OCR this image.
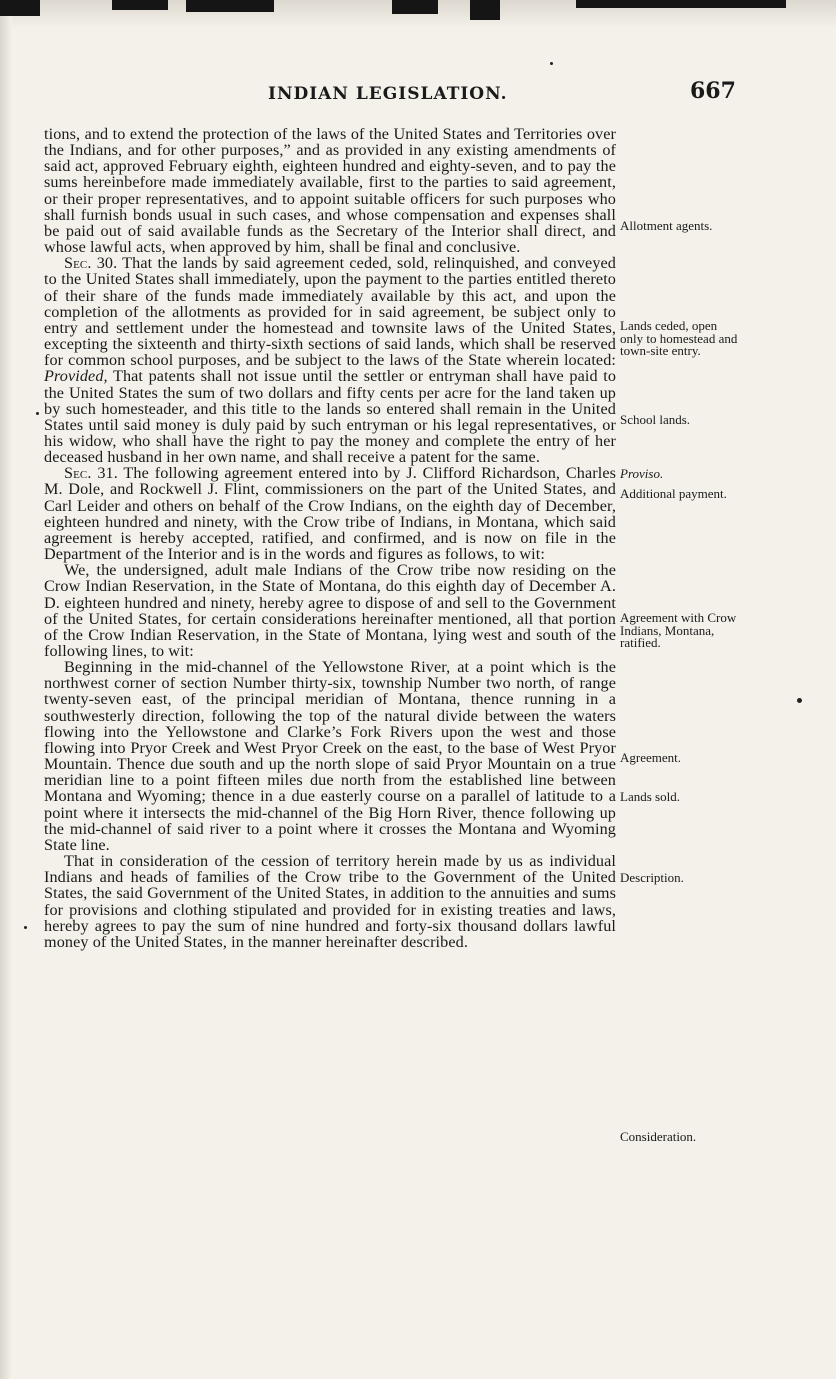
INDIAN LEGISLATION.	667

tions, and to extend the protection of the laws of the United States and Territories over the Indians, and for other purposes,” and as provided in any existing amendments of said act, approved February eighth, eighteen hundred and eighty-seven, and to pay the sums hereinbefore made immediately available, first to the parties to said agreement, or their proper representatives, and to appoint suitable officers for such purposes who shall furnish bonds usual in such cases, and whose compensation and expenses shall be paid out of said available funds as the Secretary of the Interior shall direct, and whose lawful acts, when approved by him, shall be final and conclusive.

Sec. 30. That the lands by said agreement ceded, sold, relinquished, and conveyed to the United States shall immediately, upon the payment to the parties entitled thereto of their share of the funds made immediately available by this act, and upon the completion of the allotments as provided for in said agreement, be subject only to entry and settlement under the homestead and townsite laws of the United States, excepting the sixteenth and thirty-sixth sections of said lands, which shall be reserved for common school purposes, and be subject to the laws of the State wherein located: Provided, That patents shall not issue until the settler or entryman shall have paid to the United States the sum of two dollars and fifty cents per acre for the land taken up by such homesteader, and this title to the lands so entered shall remain in the United States until said money is duly paid by such entryman or his legal representatives, or his widow, who shall have the right to pay the money and complete the entry of her deceased husband in her own name, and shall receive a patent for the same.

Sec. 31. The following agreement entered into by J. Clifford Richardson, Charles M. Dole, and Rockwell J. Flint, commissioners on the part of the United States, and Carl Leider and others on behalf of the Crow Indians, on the eighth day of December, eighteen hundred and ninety, with the Crow tribe of Indians, in Montana, which said agreement is hereby accepted, ratified, and confirmed, and is now on file in the Department of the Interior and is in the words and figures as follows, to wit:

We, the undersigned, adult male Indians of the Crow tribe now residing on the Crow Indian Reservation, in the State of Montana, do this eighth day of December A. D. eighteen hundred and ninety, hereby agree to dispose of and sell to the Government of the United States, for certain considerations hereinafter mentioned, all that portion of the Crow Indian Reservation, in the State of Montana, lying west and south of the following lines, to wit:

Beginning in the mid-channel of the Yellowstone River, at a point which is the northwest corner of section Number thirty-six, township Number two north, of range twenty-seven east, of the principal meridian of Montana, thence running in a southwesterly direction, following the top of the natural divide between the waters flowing into the Yellowstone and Clarke’s Fork Rivers upon the west and those flowing into Pryor Creek and West Pryor Creek on the east, to the base of West Pryor Mountain. Thence due south and up the north slope of said Pryor Mountain on a true meridian line to a point fifteen miles due north from the established line between Montana and Wyoming; thence in a due easterly course on a parallel of latitude to a point where it intersects the mid-channel of the Big Horn River, thence following up the mid-channel of said river to a point where it crosses the Montana and Wyoming State line.

That in consideration of the cession of territory herein made by us as individual Indians and heads of families of the Crow tribe to the Government of the United States, the said Government of the United States, in addition to the annuities and sums for provisions and clothing stipulated and provided for in existing treaties and laws, hereby agrees to pay the sum of nine hundred and forty-six thousand dollars lawful money of the United States, in the manner hereinafter described.

Allotment agents.
Lands ceded, open only to homestead and town-site entry.
School lands.
Proviso.
Additional payment.
Agreement with Crow Indians, Montana, ratified.
Agreement.
Lands sold.
Description.
Consideration.
